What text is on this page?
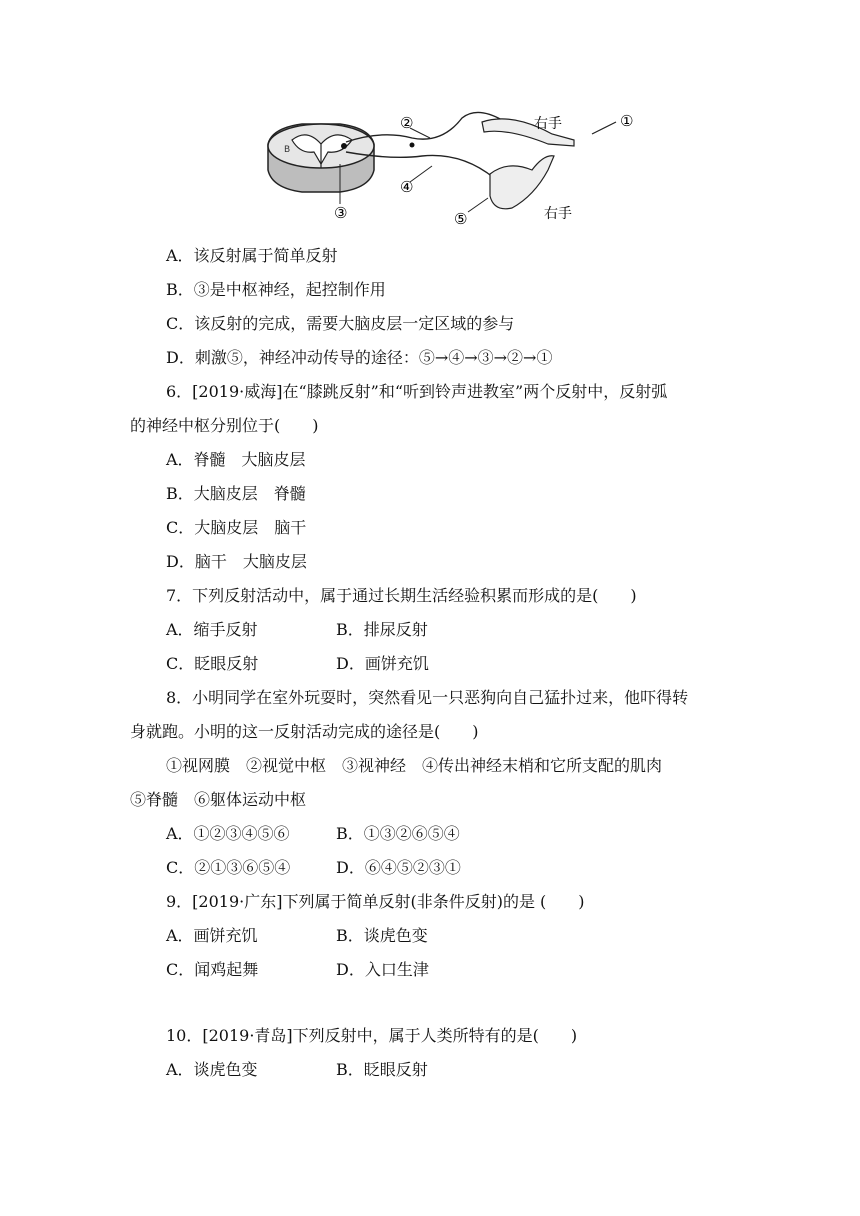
B
①
②
③
④
⑤
右手
右手
A．该反射属于简单反射
B．③是中枢神经，起控制作用
C．该反射的完成，需要大脑皮层一定区域的参与
D．刺激⑤，神经冲动传导的途径：⑤→④→③→②→①
6．[2019·威海]在“膝跳反射”和“听到铃声进教室”两个反射中，反射弧
的神经中枢分别位于(　　)
A．脊髓　大脑皮层
B．大脑皮层　脊髓
C．大脑皮层　脑干
D．脑干　大脑皮层
7．下列反射活动中，属于通过长期生活经验积累而形成的是(　　)
A．缩手反射	B．排尿反射
C．眨眼反射	D．画饼充饥
8．小明同学在室外玩耍时，突然看见一只恶狗向自己猛扑过来，他吓得转
身就跑。小明的这一反射活动完成的途径是(　　)
①视网膜　②视觉中枢　③视神经　④传出神经末梢和它所支配的肌肉
⑤脊髓　⑥躯体运动中枢
A．①②③④⑤⑥	B．①③②⑥⑤④
C．②①③⑥⑤④	D．⑥④⑤②③①
9．[2019·广东]下列属于简单反射(非条件反射)的是 (　　)
A．画饼充饥	B．谈虎色变
C．闻鸡起舞	D．入口生津
10．[2019·青岛]下列反射中，属于人类所特有的是(　　)
A．谈虎色变	B．眨眼反射
